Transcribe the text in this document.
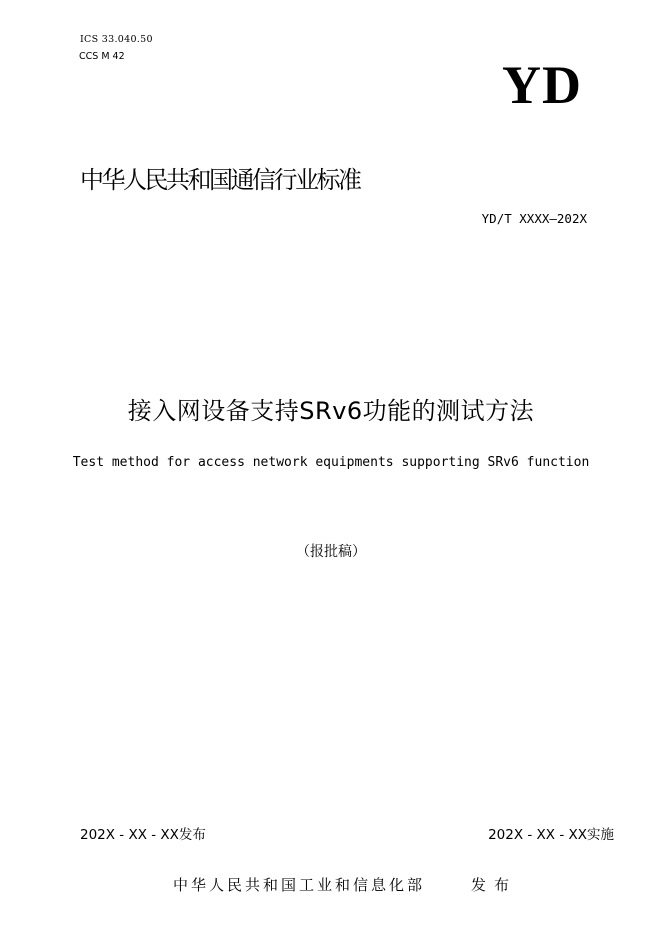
ICS 33.040.50
CCS M 42	YD
中华人民共和国通信行业标准
YD/T XXXX—202X
接入网设备支持SRv6功能的测试方法
Test method for access network equipments supporting SRv6 function
（报批稿）
202X - XX - XX发布	202X - XX - XX实施
中华人民共和国工业和信息化部	发布
